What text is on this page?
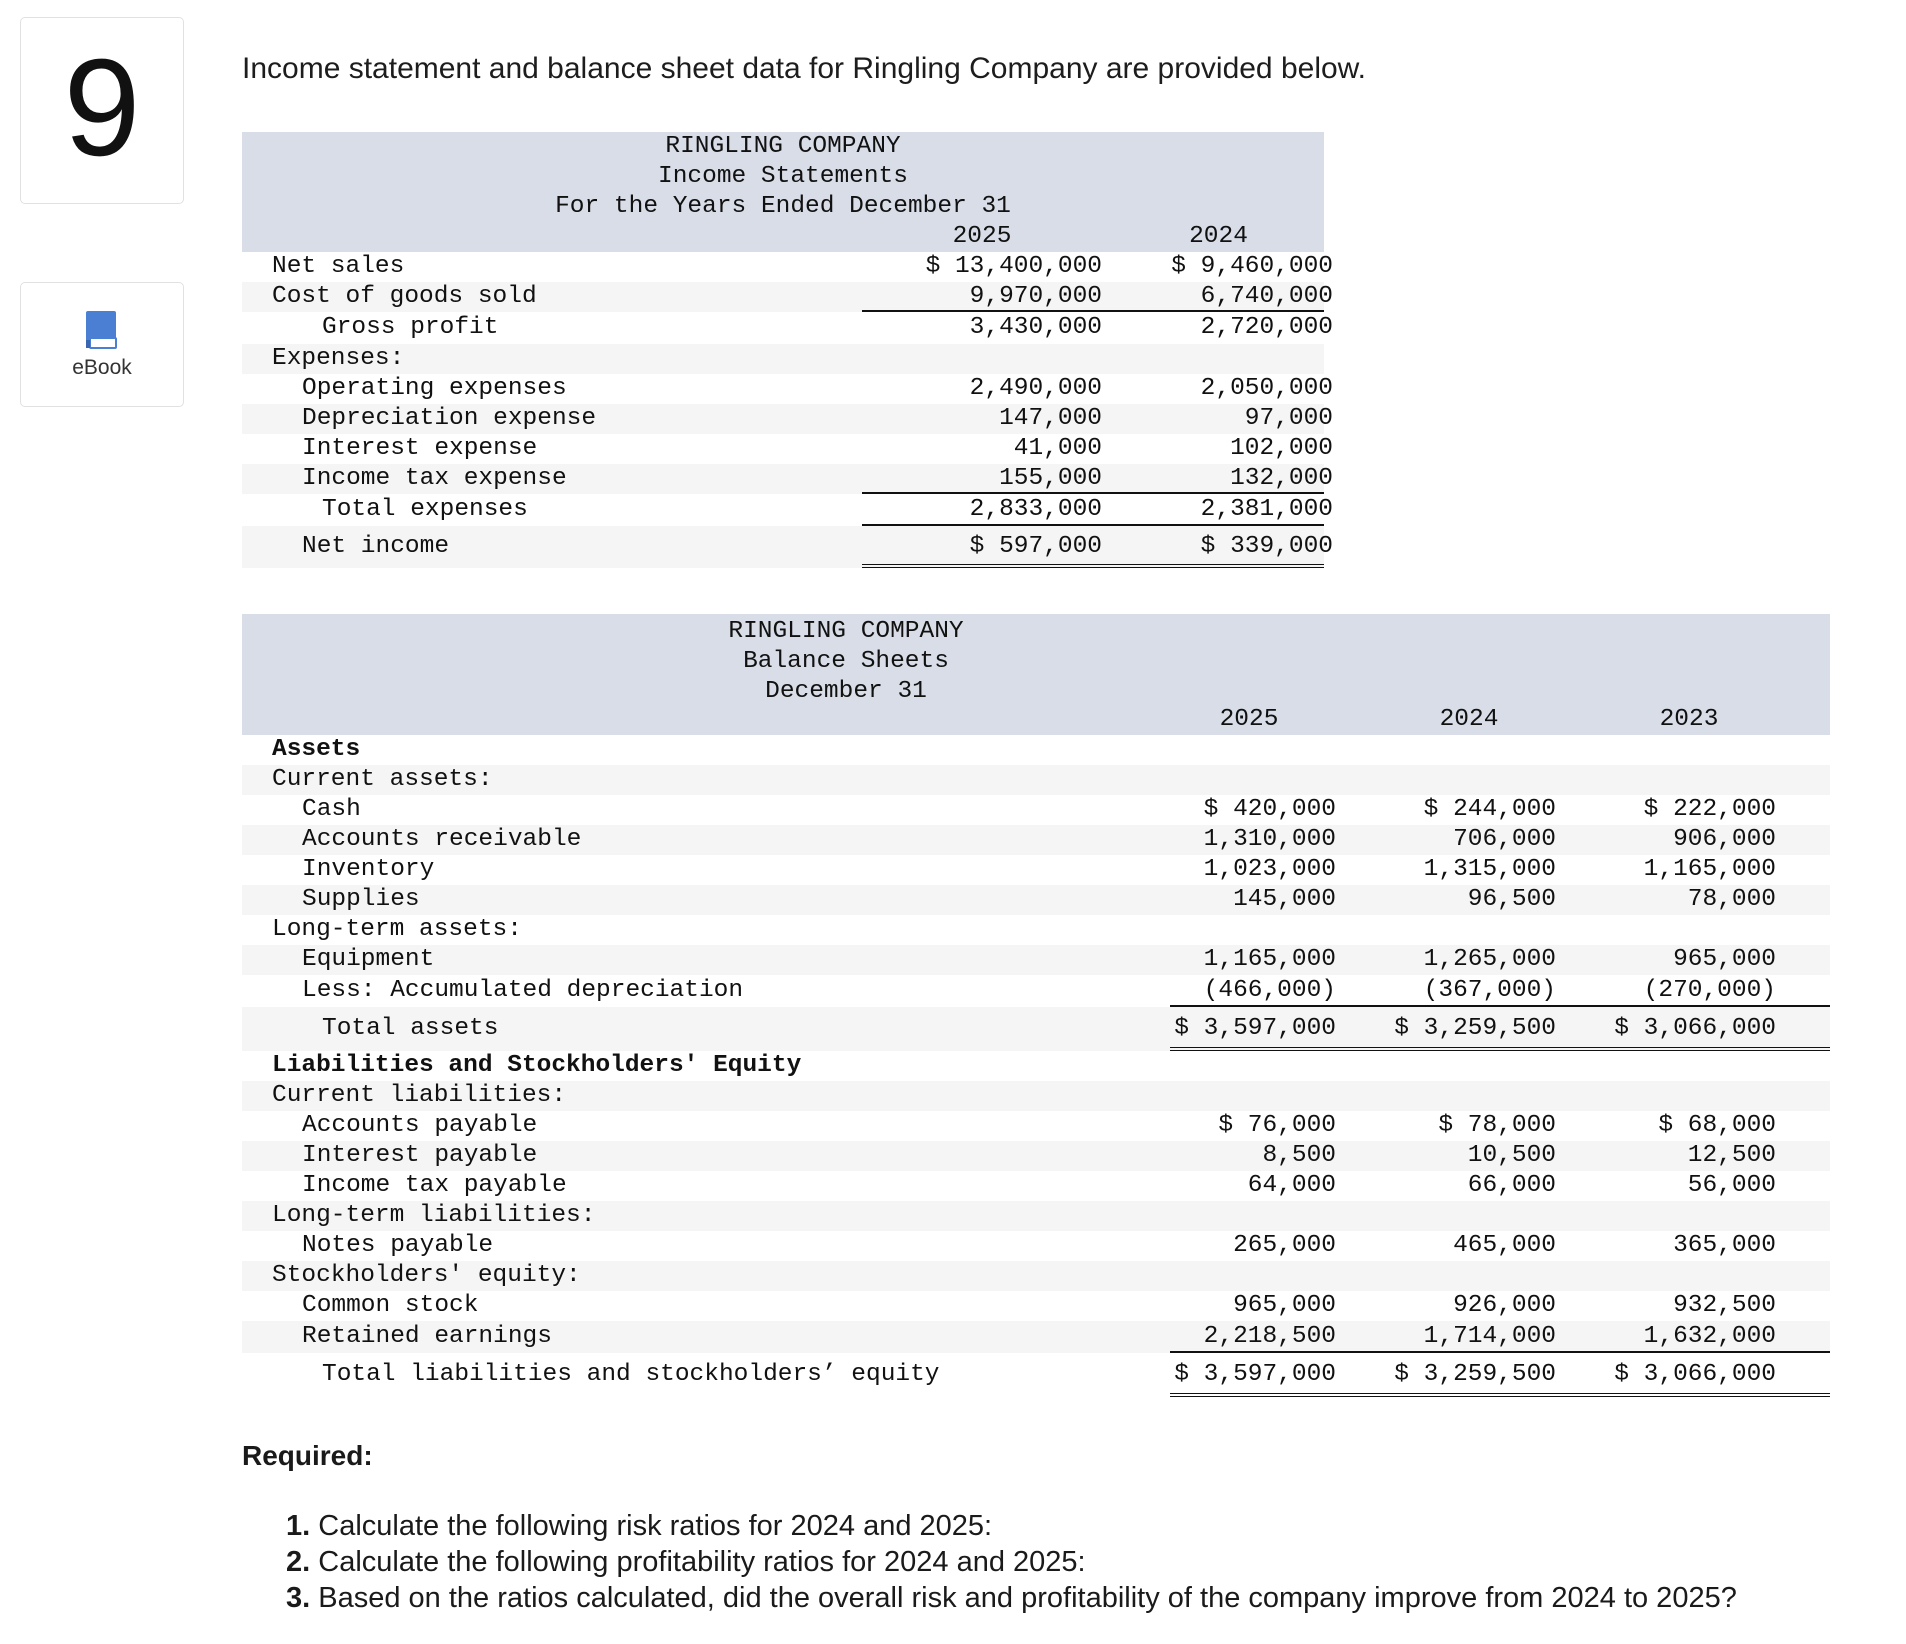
9
eBook
Income statement and balance sheet data for Ringling Company are provided below.
RINGLING COMPANY
Income Statements
For the Years Ended December 31
2025	2024
Net sales	$ 13,400,000	$ 9,460,000
Cost of goods sold	9,970,000	6,740,000
Gross profit	3,430,000	2,720,000
Expenses:
Operating expenses	2,490,000	2,050,000
Depreciation expense	147,000	97,000
Interest expense	41,000	102,000
Income tax expense	155,000	132,000
Total expenses	2,833,000	2,381,000
Net income	$ 597,000	$ 339,000
RINGLING COMPANY
Balance Sheets
December 31
2025	2024	2023
Assets
Current assets:
Cash	$ 420,000	$ 244,000	$ 222,000
Accounts receivable	1,310,000	706,000	906,000
Inventory	1,023,000	1,315,000	1,165,000
Supplies	145,000	96,500	78,000
Long-term assets:
Equipment	1,165,000	1,265,000	965,000
Less: Accumulated depreciation	(466,000)	(367,000)	(270,000)
Total assets	$ 3,597,000	$ 3,259,500	$ 3,066,000
Liabilities and Stockholders' Equity
Current liabilities:
Accounts payable	$ 76,000	$ 78,000	$ 68,000
Interest payable	8,500	10,500	12,500
Income tax payable	64,000	66,000	56,000
Long-term liabilities:
Notes payable	265,000	465,000	365,000
Stockholders' equity:
Common stock	965,000	926,000	932,500
Retained earnings	2,218,500	1,714,000	1,632,000
Total liabilities and stockholders’ equity	$ 3,597,000	$ 3,259,500	$ 3,066,000
Required:
1. Calculate the following risk ratios for 2024 and 2025:
2. Calculate the following profitability ratios for 2024 and 2025:
3. Based on the ratios calculated, did the overall risk and profitability of the company improve from 2024 to 2025?
